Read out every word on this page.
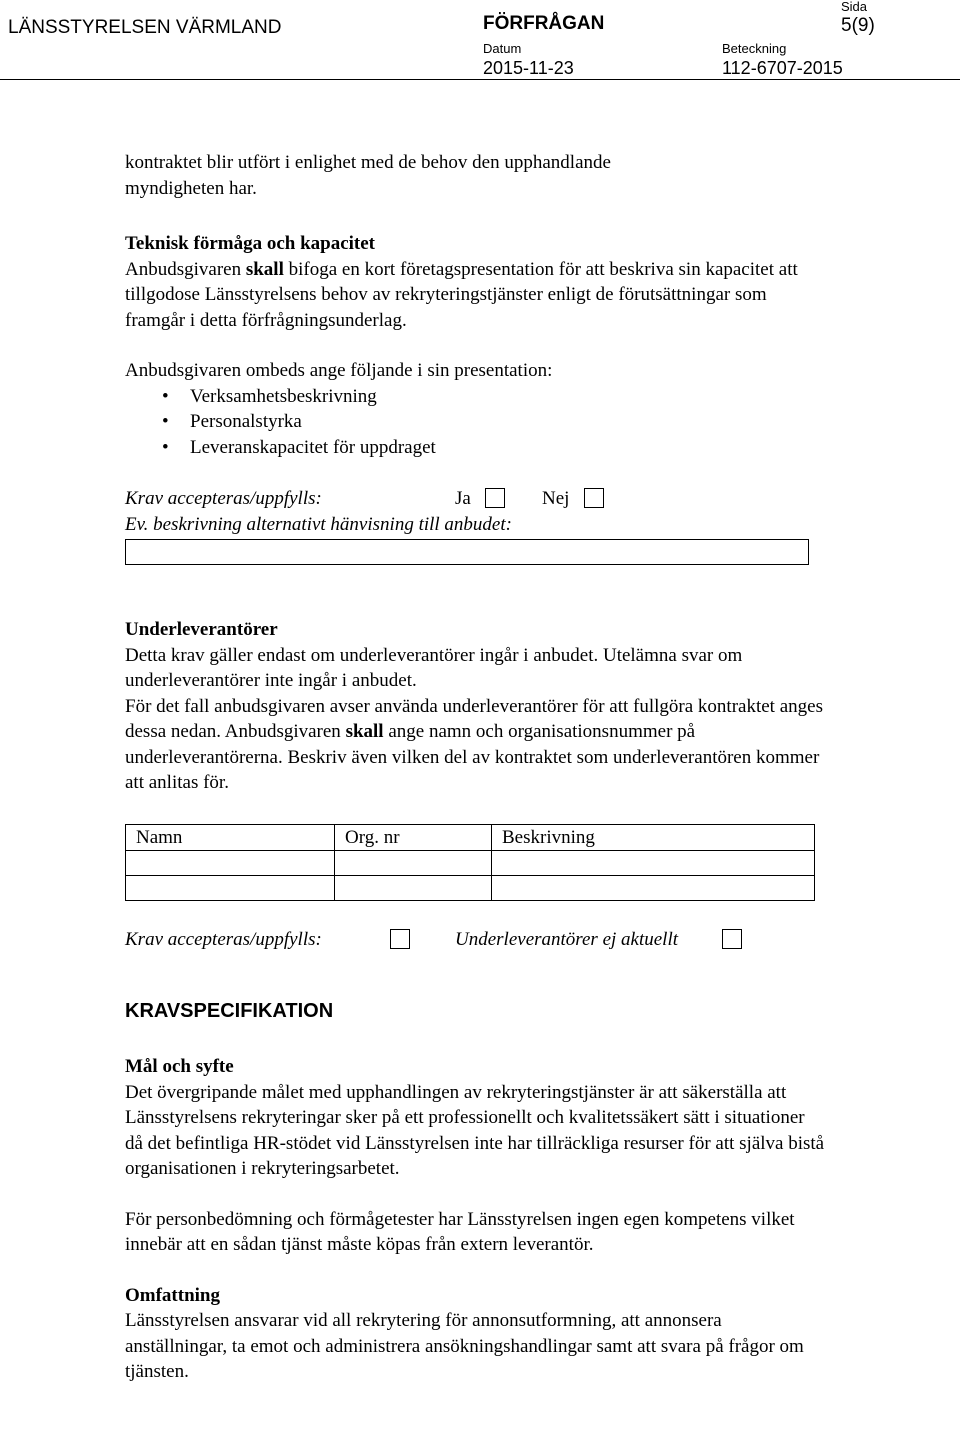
LÄNSSTYRELSEN VÄRMLAND	FÖRFRÅGAN
Sida
5(9)
Datum
2015-11-23
Beteckning
112-6707-2015

kontraktet blir utfört i enlighet med de behov den upphandlande

myndigheten har.

Teknisk förmåga och kapacitet

Anbudsgivaren skall bifoga en kort företagspresentation för att beskriva sin kapacitet att tillgodose Länsstyrelsens behov av rekryteringstjänster enligt de förutsättningar som framgår i detta förfrågningsunderlag.

Anbudsgivaren ombeds ange följande i sin presentation:

• Verksamhetsbeskrivning
• Personalstyrka
• Leveranskapacitet för uppdraget
Krav accepteras/uppfylls:	Ja	Nej

Ev. beskrivning alternativt hänvisning till anbudet:

Underleverantörer

Detta krav gäller endast om underleverantörer ingår i anbudet. Utelämna svar om underleverantörer inte ingår i anbudet.

För det fall anbudsgivaren avser använda underleverantörer för att fullgöra kontraktet anges dessa nedan. Anbudsgivaren skall ange namn och organisationsnummer på underleverantörerna. Beskriv även vilken del av kontraktet som underleverantören kommer att anlitas för.

Namn	Org. nr	Beskrivning

Krav accepteras/uppfylls:	Underleverantörer ej aktuellt

KRAVSPECIFIKATION

Mål och syfte

Det övergripande målet med upphandlingen av rekryteringstjänster är att säkerställa att Länsstyrelsens rekryteringar sker på ett professionellt och kvalitetssäkert sätt i situationer då det befintliga HR-stödet vid Länsstyrelsen inte har tillräckliga resurser för att själva bistå organisationen i rekryteringsarbetet.

För personbedömning och förmågetester har Länsstyrelsen ingen egen kompetens vilket innebär att en sådan tjänst måste köpas från extern leverantör.

Omfattning

Länsstyrelsen ansvarar vid all rekrytering för annonsutformning, att annonsera anställningar, ta emot och administrera ansökningshandlingar samt att svara på frågor om tjänsten.
